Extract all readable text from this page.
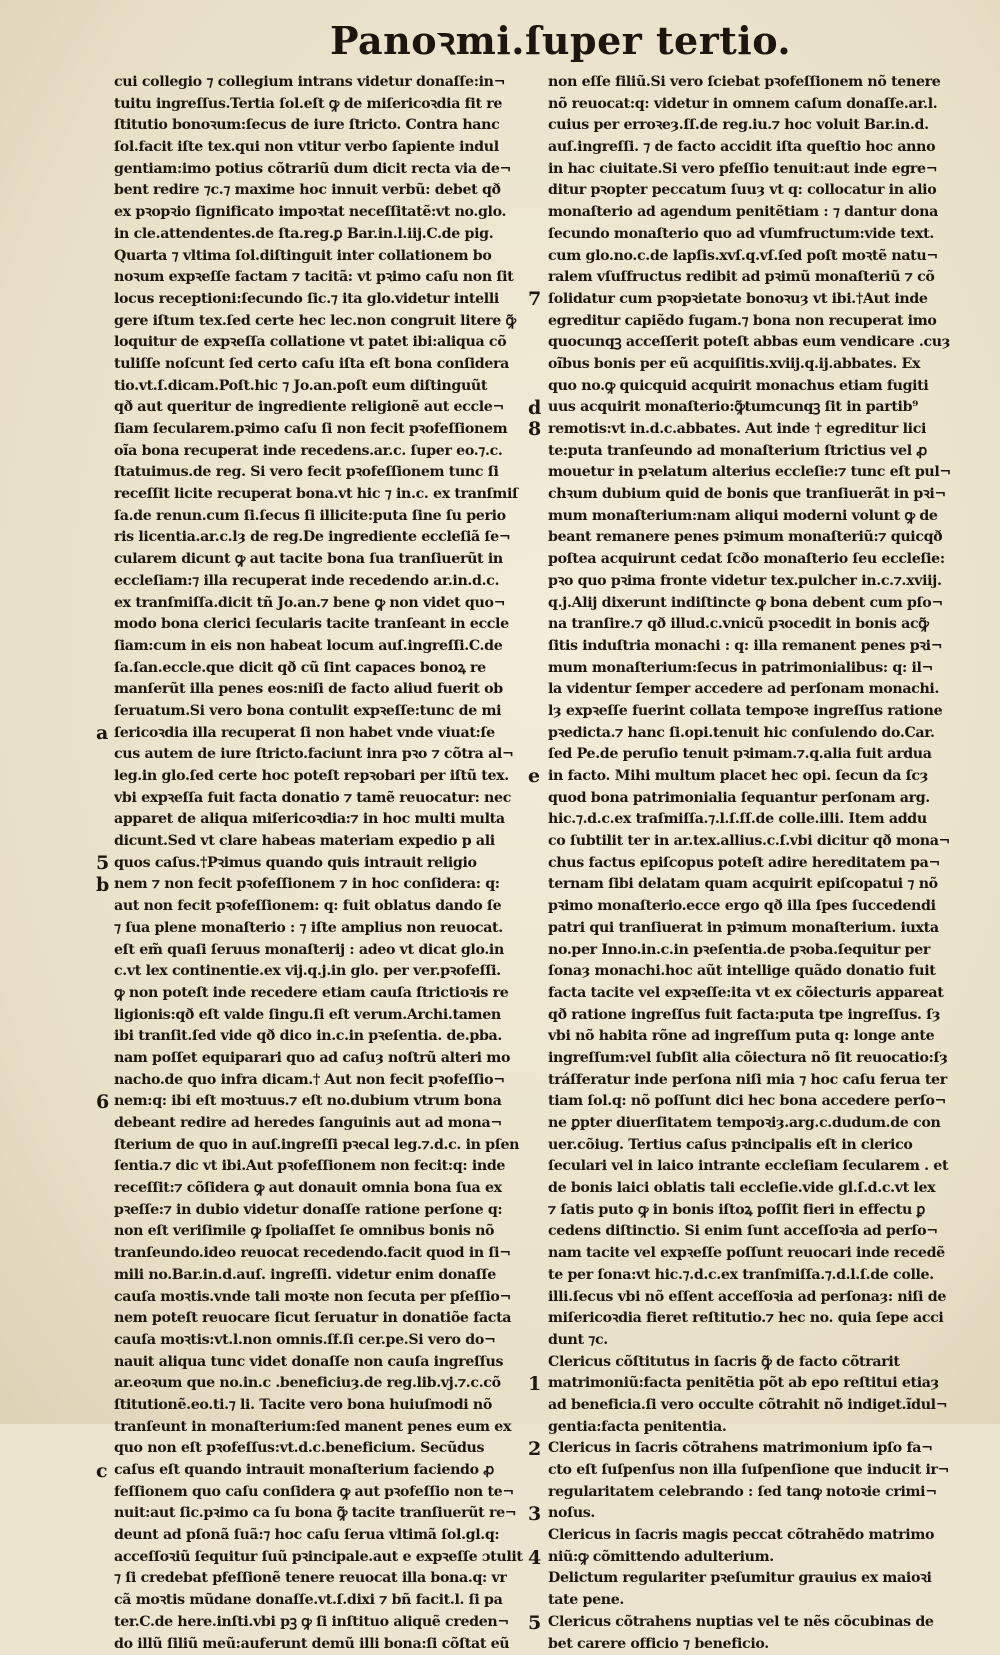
Panoꝛmi.ſuper tertio.
cui collegio ⁊ collegium intrans videtur donaſſe:in¬
tuitu ingreſſus.Tertia ſol.eſt ꝙ de miſericoꝛdia fit re
ſtitutio bonoꝛum:ſecus de iure ſtricto. Contra hanc
ſol.facit iſte tex.qui non vtitur verbo ſapiente indul
gentiam:imo potius cõtrariũ dum dicit recta via de¬
bent redire ⁊c.⁊ maxime hoc innuit verbũ: debet qð
ex pꝛopꝛio ſignificato impoꝛtat neceſſitatẽ:vt no.glo.
in cle.attendentes.de ſta.reg.ꝑ Bar.in.l.iij.C.de pig.
Quarta ⁊ vltima ſol.diſtinguit inter collationem bo
noꝛum expꝛeſſe factam ⁊ tacitã: vt pꝛimo caſu non ſit
locus receptioni:ſecundo ſic.⁊ ita glo.videtur intelli
gere iſtum tex.ſed certe hec lec.non congruit litere ꝙ̃
loquitur de expꝛeſſa collatione vt patet ibi:aliqua cõ
tuliſſe noſcunt ſed certo caſu iſta eſt bona conſidera
tio.vt.ſ.dicam.Poſt.hic ⁊ Jo.an.poſt eum diſtinguũt
qð aut queritur de ingrediente religionẽ aut eccle¬
ſiam ſecularem.pꝛimo caſu ſi non fecit pꝛofeſſionem
oĩa bona recuperat inde recedens.ar.c. ſuper eo.⁊.c.
ſtatuimus.de reg. Si vero fecit pꝛofeſſionem tunc ſi
receſſit licite recuperat bona.vt hic ⁊ in.c. ex tranſmiſ
ſa.de renun.cum ſi.ſecus ſi illicite:puta ſine ſu perio
ris licentia.ar.c.lȝ de reg.De ingrediente eccleſiã ſe¬
cularem dicunt ꝙ aut tacite bona ſua tranſiuerũt in
eccleſiam:⁊ illa recuperat inde recedendo ar.in.d.c.
ex tranſmiſſa.dicit tñ Jo.an.⁊ bene ꝙ non videt quo¬
modo bona clerici ſecularis tacite tranſeant in eccle
ſiam:cum in eis non habeat locum auſ.ingreſſi.C.de
ſa.ſan.eccle.que dicit qð cũ ſint capaces bonoꝝ re
manſerũt illa penes eos:niſi de facto aliud fuerit ob
ſeruatum.Si vero bona contulit expꝛeſſe:tunc de mi
ſericoꝛdia illa recuperat ſi non habet vnde viuat:ſe
cus autem de iure ſtricto.faciunt inra pꝛo ⁊ cõtra al¬
leg.in glo.ſed certe hoc poteſt repꝛobari per iſtũ tex.
vbi expꝛeſſa fuit facta donatio ⁊ tamẽ reuocatur: nec
apparet de aliqua miſericoꝛdia:⁊ in hoc multi multa
dicunt.Sed vt clare habeas materiam expedio p ali
quos caſus.†Pꝛimus quando quis intrauit religio
nem ⁊ non fecit pꝛofeſſionem ⁊ in hoc conſidera: q:
aut non fecit pꝛofeſſionem: q: fuit oblatus dando ſe
⁊ ſua plene monaſterio : ⁊ iſte amplius non reuocat.
eſt em̃ quaſi ſeruus monaſterij : adeo vt dicat glo.in
c.vt lex continentie.ex vij.q.j.in glo. per ver.pꝛofeſſi.
ꝙ non poteſt inde recedere etiam cauſa ſtrictioꝛis re
ligionis:qð eſt valde ſingu.ſi eſt verum.Archi.tamen
ibi tranſit.ſed vide qð dico in.c.in pꝛeſentia. de.pba.
nam poſſet equiparari quo ad caſuȝ noſtrũ alteri mo
nacho.de quo infra dicam.† Aut non fecit pꝛofeſſio¬
nem:q: ibi eſt moꝛtuus.⁊ eſt no.dubium vtrum bona
debeant redire ad heredes ſanguinis aut ad mona¬
ſterium de quo in auſ.ingreſſi pꝛecal leg.⁊.d.c. in pſen
ſentia.⁊ dic vt ibi.Aut pꝛofeſſionem non fecit:q: inde
receſſit:⁊ cõſidera ꝙ aut donauit omnia bona ſua ex
pꝛeſſe:⁊ in dubio videtur donaſſe ratione perſone q:
non eſt veriſimile ꝙ ſpoliaſſet ſe omnibus bonis nõ
tranſeundo.ideo reuocat recedendo.facit quod in ſi¬
mili no.Bar.in.d.auſ. ingreſſi. videtur enim donaſſe
cauſa moꝛtis.vnde tali moꝛte non ſecuta per pſeſſio¬
nem poteſt reuocare ſicut ſeruatur in donatiõe facta
cauſa moꝛtis:vt.l.non omnis.ſf.ſi cer.pe.Si vero do¬
nauit aliqua tunc videt donaſſe non cauſa ingreſſus
ar.eoꝛum que no.in.c .beneficiuȝ.de reg.lib.vj.⁊.c.cõ
ſtitutionẽ.eo.ti.⁊ li. Tacite vero bona huiuſmodi nõ
tranſeunt in monaſterium:ſed manent penes eum ex
quo non eſt pꝛofeſſus:vt.d.c.beneficium. Secũdus
caſus eſt quando intrauit monaſterium faciendo ꝓ
feſſionem quo caſu conſidera ꝙ aut pꝛofeſſio non te¬
nuit:aut ſic.pꝛimo ca ſu bona ꝙ̃ tacite tranſiuerũt re¬
deunt ad pſonã ſuã:⁊ hoc caſu ſerua vltimã ſol.gl.q:
acceſſoꝛiũ ſequitur ſuũ pꝛincipale.aut e expꝛeſſe ɔtulit
⁊ ſi credebat pfeſſionẽ tenere reuocat illa bona.q: vr
cã moꝛtis mũdane donaſſe.vt.ſ.dixi ⁊ bñ facit.l. ſi pa
ter.C.de here.inſti.vbi pꝫ ꝙ ſi inſtituo aliquẽ creden¬
do illũ ſiliũ meũ:auferunt demũ illi bona:ſi cõſtat eũ
non eſſe filiũ.Si vero ſciebat pꝛofeſſionem nõ tenere
nõ reuocat:q: videtur in omnem caſum donaſſe.ar.l.
cuius per erroꝛeȝ.ſſ.de reg.iu.⁊ hoc voluit Bar.in.d.
auſ.ingreſſi. ⁊ de facto accidit iſta queſtio hoc anno
in hac ciuitate.Si vero pfeſſio tenuit:aut inde egre¬
ditur pꝛopter peccatum ſuuȝ vt q: collocatur in alio
monaſterio ad agendum penitẽtiam : ⁊ dantur dona
ſecundo monaſterio quo ad vſumfructum:vide text.
cum glo.no.c.de lapſis.xvſ.q.vſ.ſed poſt moꝛtẽ natu¬
ralem vſuſfructus redibit ad pꝛimũ monaſteriũ ⁊ cõ
ſolidatur cum pꝛopꝛietate bonoꝛuȝ vt ibi.†Aut inde
egreditur capiẽdo fugam.⁊ bona non recuperat imo
quocunqꝫ acceſſerit poteſt abbas eum vendicare .cuȝ
oĩbus bonis per eũ acquiſitis.xviij.q.ij.abbates. Ex
quo no.ꝙ quicquid acquirit monachus etiam fugiti
uus acquirit monaſterio:ꝙ̃tumcunqꝫ ſit in partib⁹
remotis:vt in.d.c.abbates. Aut inde † egreditur lici
te:puta tranſeundo ad monaſterium ſtrictius vel ꝓ
mouetur in pꝛelatum alterius eccleſie:⁊ tunc eſt pul¬
chꝛum dubium quid de bonis que tranſiuerãt in pꝛi¬
mum monaſterium:nam aliqui moderni volunt ꝙ de
beant remanere penes pꝛimum monaſteriũ:⁊ quicqð
poſtea acquirunt cedat ſcðo monaſterio ſeu eccleſie:
pꝛo quo pꝛima fronte videtur tex.pulcher in.c.⁊.xviij.
q.j.Alij dixerunt indiſtincte ꝙ bona debent cum pſo¬
na tranſire.⁊ qð illud.c.vnicũ pꝛocedit in bonis acꝙ̃
ſitis induſtria monachi : q: illa remanent penes pꝛi¬
mum monaſterium:ſecus in patrimonialibus: q: il¬
la videntur ſemper accedere ad perſonam monachi.
lȝ expꝛeſſe fuerint collata tempoꝛe ingreſſus ratione
pꝛedicta.⁊ hanc ſi.opi.tenuit hic conſulendo do.Car.
ſed Pe.de peruſio tenuit pꝛimam.⁊.q.alia fuit ardua
in facto. Mihi multum placet hec opi. ſecun da ſcȝ
quod bona patrimonialia ſequantur perſonam arg.
hic.⁊.d.c.ex traſmiſſa.⁊.l.ſ.ſſ.de colle.illi. Item addu
co ſubtilit ter in ar.tex.allius.c.ſ.vbi dicitur qð mona¬
chus factus epiſcopus poteſt adire hereditatem pa¬
ternam ſibi delatam quam acquirit epiſcopatui ⁊ nõ
pꝛimo monaſterio.ecce ergo qð illa ſpes ſuccedendi
patri qui tranſiuerat in pꝛimum monaſterium. iuxta
no.per Inno.in.c.in pꝛeſentia.de pꝛoba.ſequitur per
ſonaȝ monachi.hoc aũt intellige quãdo donatio fuit
facta tacite vel expꝛeſſe:ita vt ex cõiecturis appareat
qð ratione ingreſſus fuit facta:puta tpe ingreſſus. ſȝ
vbi nõ habita rõne ad ingreſſum puta q: longe ante
ingreſſum:vel ſubſit alia cõiectura nõ ſit reuocatio:ſȝ
tráſferatur inde perſona niſi mia ⁊ hoc caſu ferua ter
tiam ſol.q: nõ poſſunt dici hec bona accedere perſo¬
ne ꝑpter diuerſitatem tempoꝛiȝ.arg.c.dudum.de con
uer.cõiug. Tertius caſus pꝛincipalis eſt in clerico
ſeculari vel in laico intrante eccleſiam ſecularem . et
de bonis laici oblatis tali eccleſie.vide gl.ſ.d.c.vt lex
⁊ ſatis puto ꝙ in bonis iſtoꝝ poſſit fieri in effectu ꝑ
cedens diſtinctio. Si enim ſunt acceſſoꝛia ad perſo¬
nam tacite vel expꝛeſſe poſſunt reuocari inde recedẽ
te per ſona:vt hic.⁊.d.c.ex tranſmiſſa.⁊.d.l.ſ.de colle.
illi.ſecus vbi nõ eſſent acceſſoꝛia ad perſonaȝ: niſi de
miſericoꝛdia fieret reſtitutio.⁊ hec no. quia ſepe acci
dunt ⁊c.
Clericus cõſtitutus in ſacris ꝙ̃ de facto cõtrarit
matrimoniũ:facta penitẽtia põt ab epo reſtitui etiaȝ
ad beneficia.ſi vero occulte cõtrahit nõ indiget.ĩdul¬
gentia:facta penitentia.
Clericus in ſacris cõtrahens matrimonium ipſo fa¬
cto eſt ſuſpenſus non illa ſuſpenſione que inducit ir¬
regularitatem celebrando : ſed tanꝙ notoꝛie crimi¬
noſus.
Clericus in ſacris magis peccat cõtrahẽdo matrimo
niũ:ꝙ cõmittendo adulterium.
Delictum regulariter pꝛeſumitur grauius ex maioꝛi
tate pene.
Clericus cõtrahens nuptias vel te nẽs cõcubinas de
bet carere officio ⁊ beneficio.
a
5
b
6
c
7
d
8
e
1
2
3
4
5
